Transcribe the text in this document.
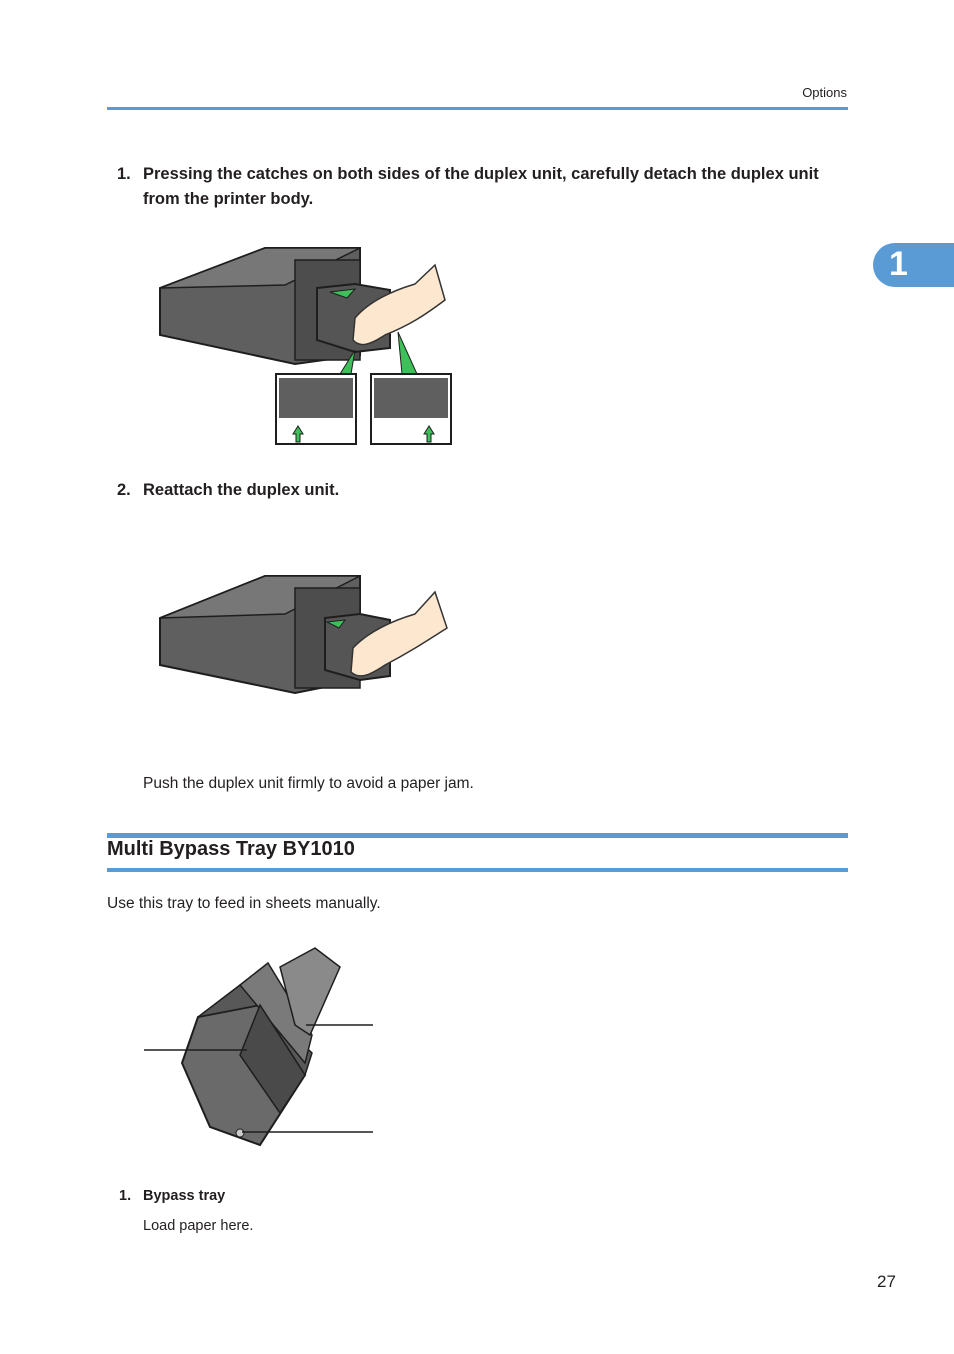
Options
1
1. Pressing the catches on both sides of the duplex unit, carefully detach the duplex unit from the printer body.
2. Reattach the duplex unit.
Push the duplex unit firmly to avoid a paper jam.
Multi Bypass Tray BY1010
Use this tray to feed in sheets manually.
1. Bypass tray
Load paper here.
27
